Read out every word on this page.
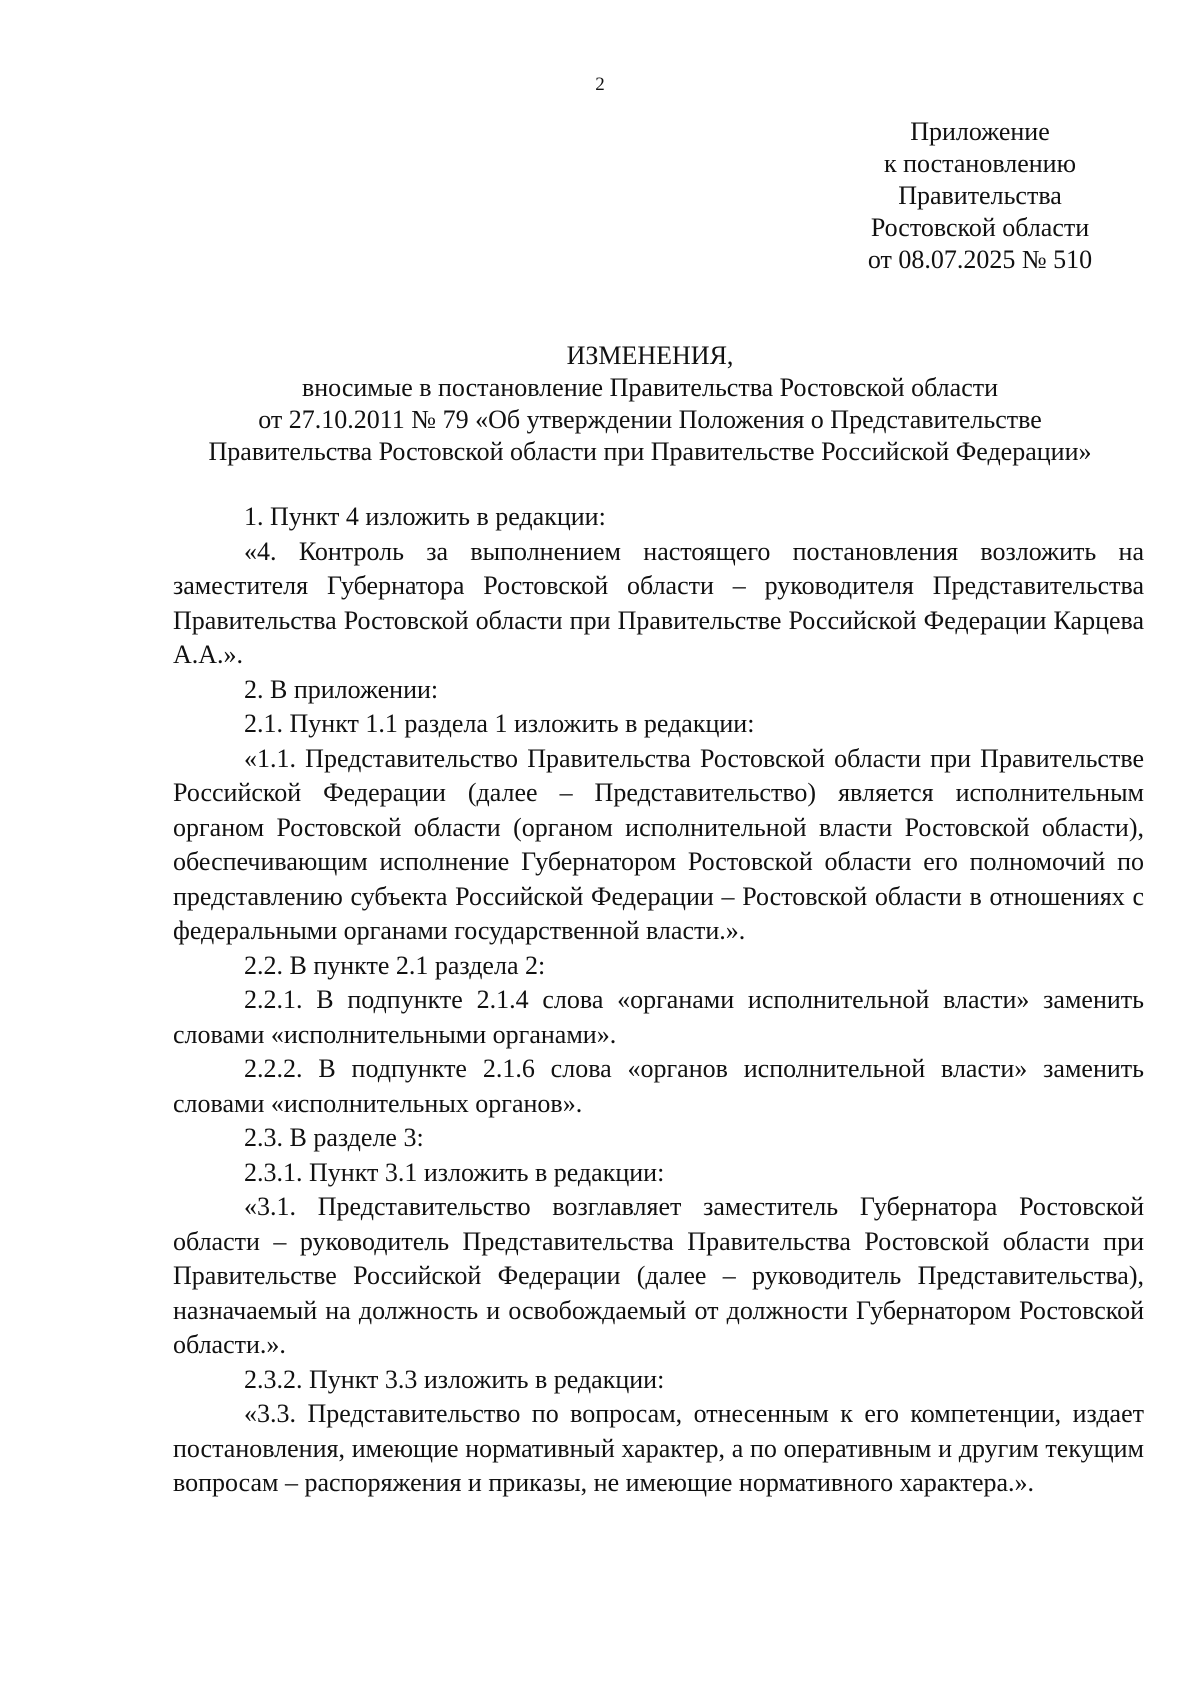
2
Приложение
к постановлению
Правительства
Ростовской области
от 08.07.2025 № 510
ИЗМЕНЕНИЯ,
вносимые в постановление Правительства Ростовской области
от 27.10.2011 № 79 «Об утверждении Положения о Представительстве
Правительства Ростовской области при Правительстве Российской Федерации»

1. Пункт 4 изложить в редакции:

«4. Контроль за выполнением настоящего постановления возложить на заместителя Губернатора Ростовской области – руководителя Представительства Правительства Ростовской области при Правительстве Российской Федерации Карцева А.А.».

2. В приложении:

2.1. Пункт 1.1 раздела 1 изложить в редакции:

«1.1. Представительство Правительства Ростовской области при Правительстве Российской Федерации (далее – Представительство) является исполнительным органом Ростовской области (органом исполнительной власти Ростовской области), обеспечивающим исполнение Губернатором Ростовской области его полномочий по представлению субъекта Российской Федерации – Ростовской области в отношениях с федеральными органами государственной власти.».

2.2. В пункте 2.1 раздела 2:

2.2.1. В подпункте 2.1.4 слова «органами исполнительной власти» заменить словами «исполнительными органами».

2.2.2. В подпункте 2.1.6 слова «органов исполнительной власти» заменить словами «исполнительных органов».

2.3. В разделе 3:

2.3.1. Пункт 3.1 изложить в редакции:

«3.1. Представительство возглавляет заместитель Губернатора Ростовской области – руководитель Представительства Правительства Ростовской области при Правительстве Российской Федерации (далее – руководитель Представительства), назначаемый на должность и освобождаемый от должности Губернатором Ростовской области.».

2.3.2. Пункт 3.3 изложить в редакции:

«3.3. Представительство по вопросам, отнесенным к его компетенции, издает постановления, имеющие нормативный характер, а по оперативным и другим текущим вопросам – распоряжения и приказы, не имеющие нормативного характера.».
